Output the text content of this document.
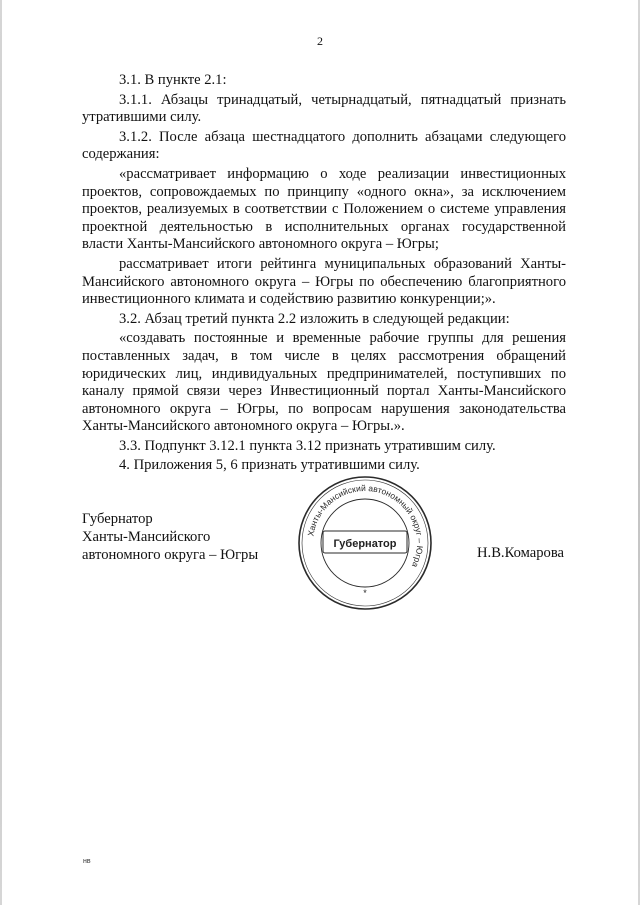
2

3.1. В пункте 2.1:

3.1.1. Абзацы тринадцатый, четырнадцатый, пятнадцатый признать утратившими силу.

3.1.2. После абзаца шестнадцатого дополнить абзацами следующего содержания:

«рассматривает информацию о ходе реализации инвестиционных проектов, сопровождаемых по принципу «одного окна», за исключением проектов, реализуемых в соответствии с Положением о системе управления проектной деятельностью в исполнительных органах государственной власти Ханты-Мансийского автономного округа – Югры;

рассматривает итоги рейтинга муниципальных образований Ханты-Мансийского автономного округа – Югры по обеспечению благоприятного инвестиционного климата и содействию развитию конкуренции;».

3.2. Абзац третий пункта 2.2 изложить в следующей редакции:

«создавать постоянные и временные рабочие группы для решения поставленных задач, в том числе в целях рассмотрения обращений юридических лиц, индивидуальных предпринимателей, поступивших по каналу прямой связи через Инвестиционный портал Ханты-Мансийского автономного округа – Югры, по вопросам нарушения законодательства Ханты-Мансийского автономного округа – Югры.».

3.3. Подпункт 3.12.1 пункта 3.12 признать утратившим силу.

4. Приложения 5, 6 признать утратившими силу.

Губернатор
Ханты-Мансийского
автономного округа – Югры
Ханты-Мансийский автономный округ – Югра
Губернатор
*
Н.В.Комарова
нв
